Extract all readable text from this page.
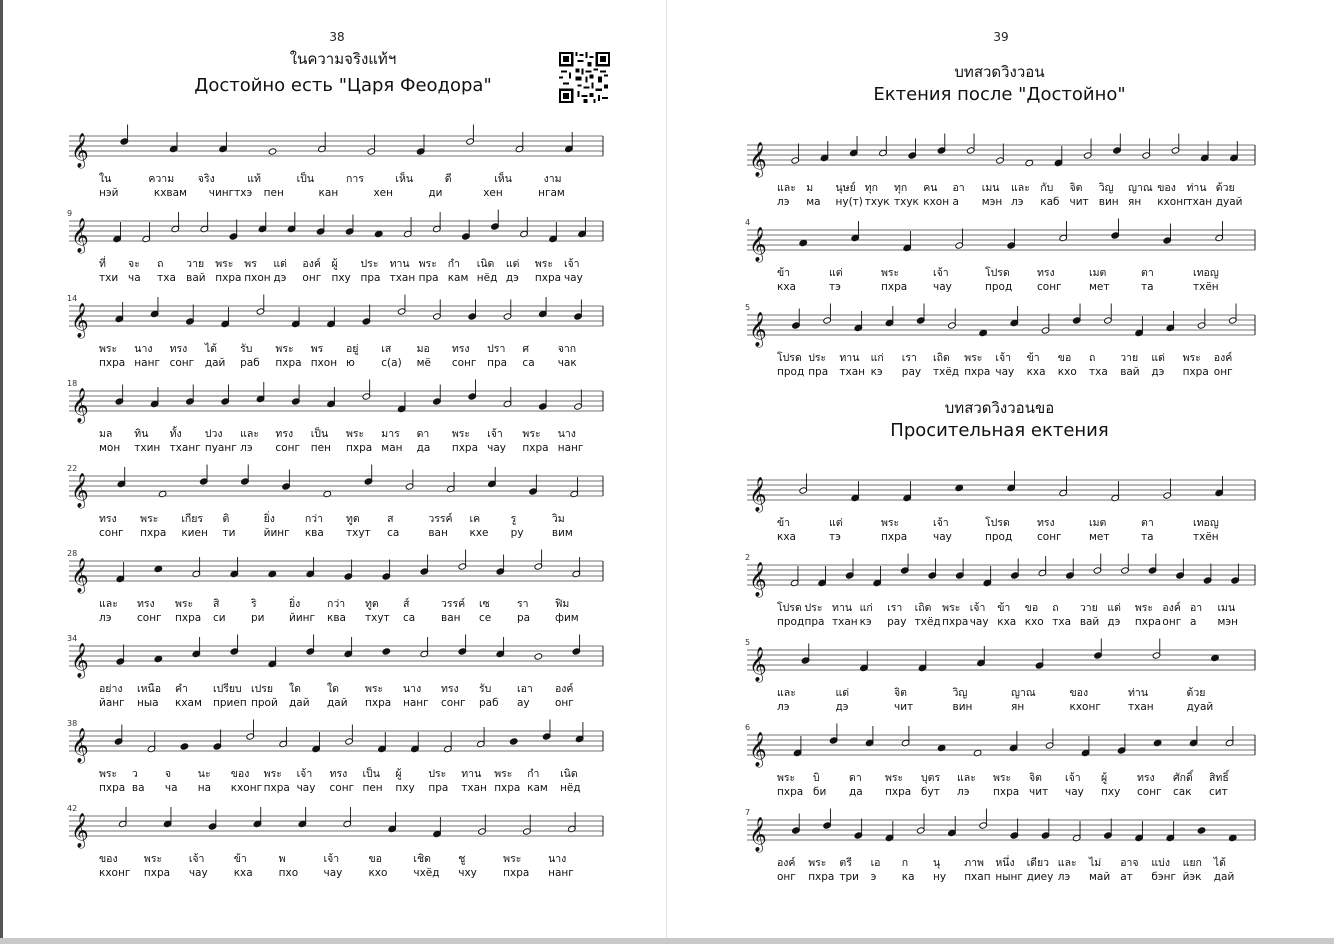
38
ในความจริงแท้ฯ
Достойно есть "Царя Феодора"
𝄞
ใน	ความ จริง	แท้	เป็น	การ	เห็น	ดี	เห็น	งาม
нэй	кхвам чингтхэ пен	кан	хен	ди	хен	нгам
𝄞
9
ที่ จะ ถ วาย พระ พร แด่ องค์ ผู้ ประ ทาน พระ กำ เนิด แด่ พระ เจ้า
тхи ча тха вай пхра пхон дэ онг пху пра тхан пра кам нёд дэ пхра чау
𝄞
14
พระ นาง ทรง ได้ รับ พระ พร อยู่ เส มอ ทรง ปรา ศ	จาก
пхра нанг сонг дай раб пхра пхон ю	с(а) мё сонг пра са чак
𝄞
18
มล ทิน ทั้ง ปวง และ ทรง เป็น พระ มาร ดา พระ เจ้า พระ นาง
мон тхин тханг пуанг лэ сонг пен пхра ман да пхра чау пхра нанг
𝄞
22
ทรง พระ เกียร ติ	ยิ่ง	กว่า ทูต	ส	วรรค์ เค	รู	วิม
сонг пхра киен ти	йинг ква тхут са	ван кхе ру	вим
𝄞
28
และ ทรง พระ สิ	ริ	ยิ่ง	กว่า ทูต ส์	วรรค์ เซ	รา	ฟิม
лэ сонг пхра си ри йинг ква тхут са ван се ра фим
𝄞
34
อย่าง เหนือ คำ เปรียบ เปรย ใด ใด พระ นาง ทรง รับ เอา องค์
йанг ныа кхам приеп прой дай дай пхра нанг сонг раб ау онг
𝄞
38
พระ ว	จ	นะ ของ พระ เจ้า ทรง เป็น ผู้	ประ ทาน พระ กำ เนิด
пхра ва ча на кхонг пхра чау сонг пен пху пра тхан пхра кам нёд
𝄞
42
ของ	พระ	เจ้า	ข้า	พ	เจ้า	ขอ	เชิด	ชู	พระ	นาง
кхонг пхра чау кха пхо чау кхо чхёд чху	пхра нанг
39
บทสวดวิงวอน
Ектения после "Достойно"
บทสวดวิงวอนขอ
Просительная ектения
𝄞
และ ม นุษย์ ทุก ทุก คน อา เมน และ กับ จิต วิญ ญาณ ของ ท่าน ด้วย
лэ ма ну(т) тхук тхук кхон а мэн лэ каб чит вин ян кхонг
тхан дуай
𝄞
4
ข้า	แต่	พระ	เจ้า	โปรด	ทรง	เมต	ตา	เทอญ
кха	тэ	пхра чау	прод сонг	мет	та	тхён
𝄞
5
โปรด ประ ทาน แก่ เรา เถิด พระ เจ้า ข้า ขอ ถ วาย แด่ พระ องค์
прод пра тхан кэ рау тхёд пхра чау кха кхо тха вай дэ пхра онг
𝄞
ข้า	แต่	พระ	เจ้า	โปรด	ทรง	เมต	ตา	เทอญ
кха	тэ	пхра чау	прод сонг	мет	та	тхён
𝄞
2
โปรด ประ ทาน แก่ เรา เถิด พระ เจ้า ข้า ขอ ถ วาย แด่ พระ องค์ อา เมน
прод пра тхан кэ рау тхёд пхра чау кха кхо тха вай дэ пхра онг а мэн
𝄞
5
และ	แด่	จิต	วิญ	ญาณ	ของ	ท่าน	ด้วย
лэ	дэ	чит	вин	ян	кхонг	тхан	дуай
𝄞
6
พระ บิ	ดา พระ บุตร และ พระ จิต เจ้า ผู้	ทรง ศักดิ์ สิทธิ์
пхра би да пхра бут лэ пхра чит чау пху сонг сак сит
𝄞
7
องค์ พระ ตรี เอ ก นุ ภาพ หนึ่ง เดียว และ ไม่ อาจ แบ่ง แยก ได้
онг пхра три э ка ну пхап нынг диеу лэ май ат бэнг йэк дай
